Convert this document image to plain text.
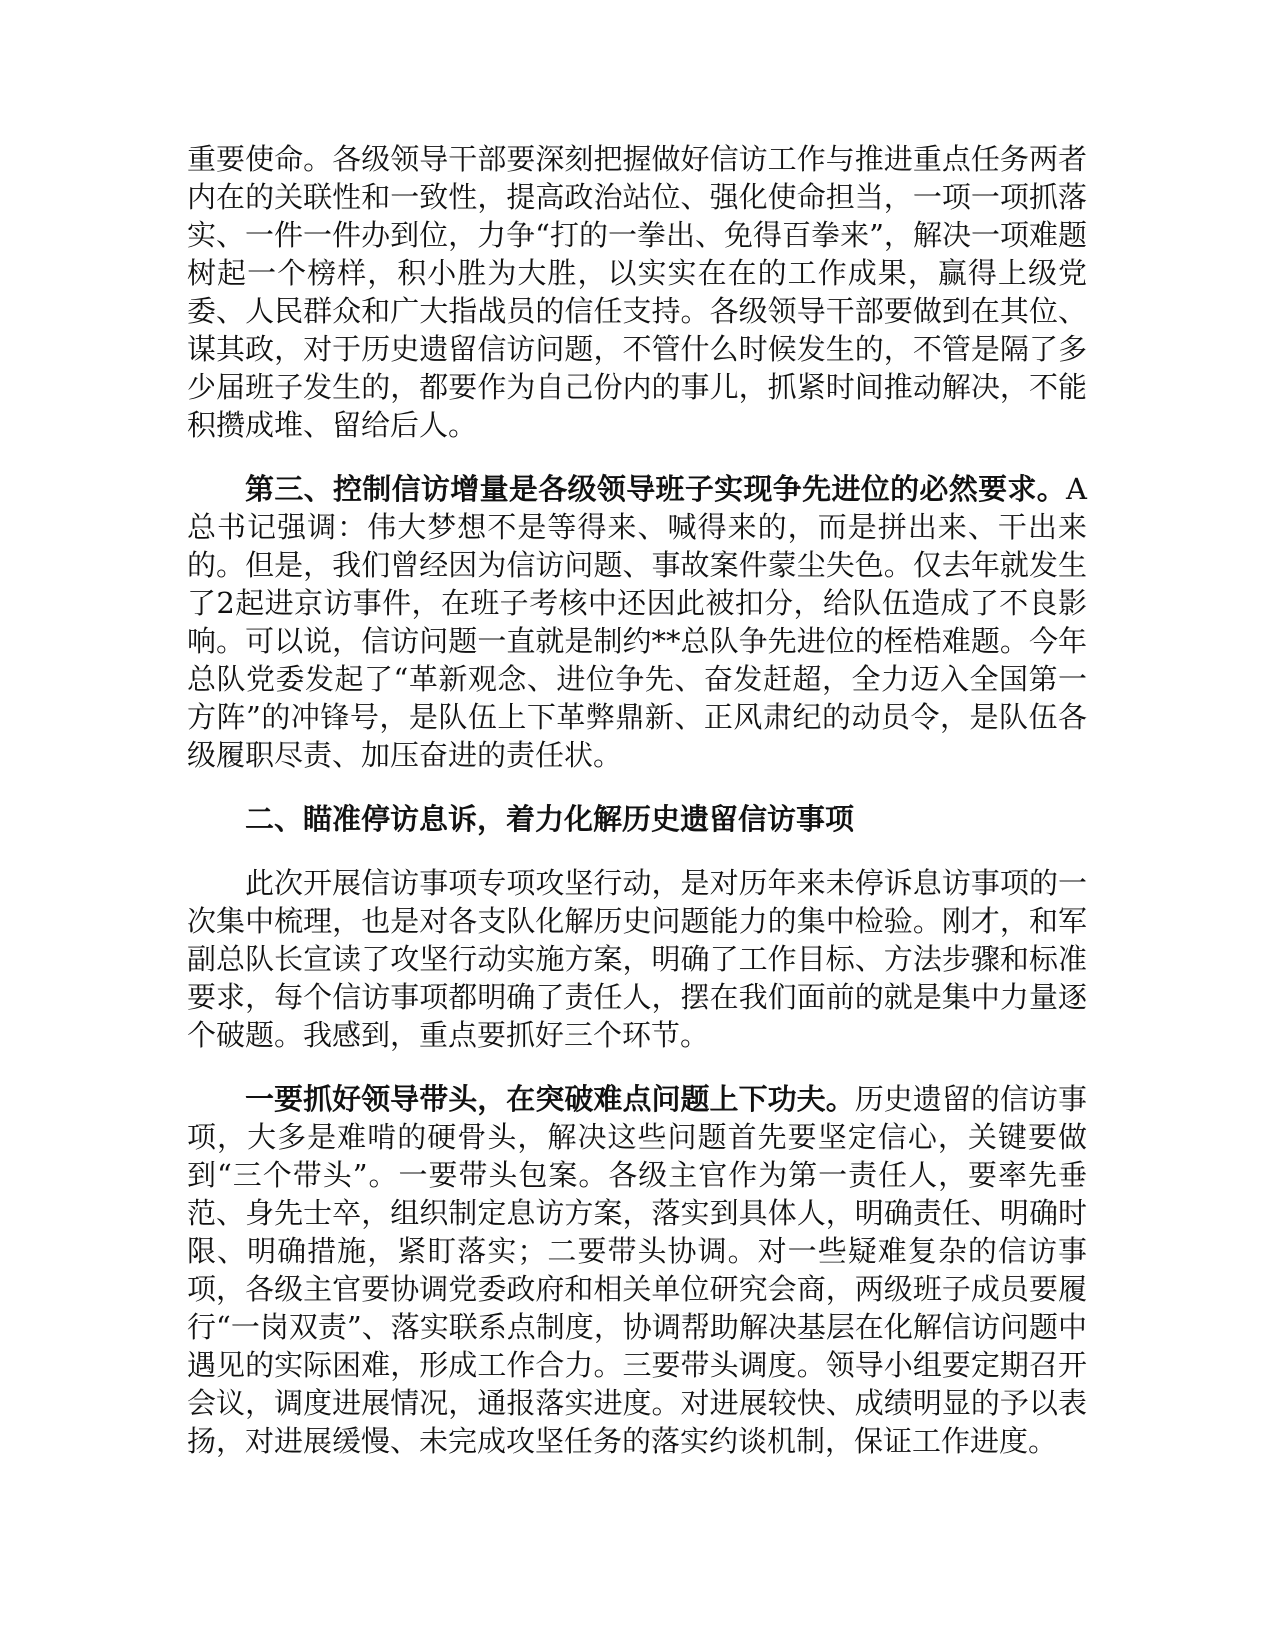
重要使命。各级领导干部要深刻把握做好信访工作与推进重点任务两者内在的关联性和一致性，提高政治站位、强化使命担当，一项一项抓落实、一件一件办到位，力争“打的一拳出、免得百拳来”，解决一项难题树起一个榜样，积小胜为大胜，以实实在在的工作成果，赢得上级党委、人民群众和广大指战员的信任支持。各级领导干部要做到在其位、谋其政，对于历史遗留信访问题，不管什么时候发生的，不管是隔了多少届班子发生的，都要作为自己份内的事儿，抓紧时间推动解决，不能积攒成堆、留给后人。

第三、控制信访增量是各级领导班子实现争先进位的必然要求。A总书记强调：伟大梦想不是等得来、喊得来的，而是拼出来、干出来的。但是，我们曾经因为信访问题、事故案件蒙尘失色。仅去年就发生了2起进京访事件，在班子考核中还因此被扣分，给队伍造成了不良影响。可以说，信访问题一直就是制约**总队争先进位的桎梏难题。今年总队党委发起了“革新观念、进位争先、奋发赶超，全力迈入全国第一方阵”的冲锋号，是队伍上下革弊鼎新、正风肃纪的动员令，是队伍各级履职尽责、加压奋进的责任状。

二、瞄准停访息诉，着力化解历史遗留信访事项

此次开展信访事项专项攻坚行动，是对历年来未停诉息访事项的一次集中梳理，也是对各支队化解历史问题能力的集中检验。刚才，和军副总队长宣读了攻坚行动实施方案，明确了工作目标、方法步骤和标准要求，每个信访事项都明确了责任人，摆在我们面前的就是集中力量逐个破题。我感到，重点要抓好三个环节。

一要抓好领导带头，在突破难点问题上下功夫。历史遗留的信访事项，大多是难啃的硬骨头，解决这些问题首先要坚定信心，关键要做到“三个带头”。一要带头包案。各级主官作为第一责任人，要率先垂范、身先士卒，组织制定息访方案，落实到具体人，明确责任、明确时限、明确措施，紧盯落实；二要带头协调。对一些疑难复杂的信访事项，各级主官要协调党委政府和相关单位研究会商，两级班子成员要履行“一岗双责”、落实联系点制度，协调帮助解决基层在化解信访问题中遇见的实际困难，形成工作合力。三要带头调度。领导小组要定期召开会议，调度进展情况，通报落实进度。对进展较快、成绩明显的予以表扬，对进展缓慢、未完成攻坚任务的落实约谈机制，保证工作进度。
